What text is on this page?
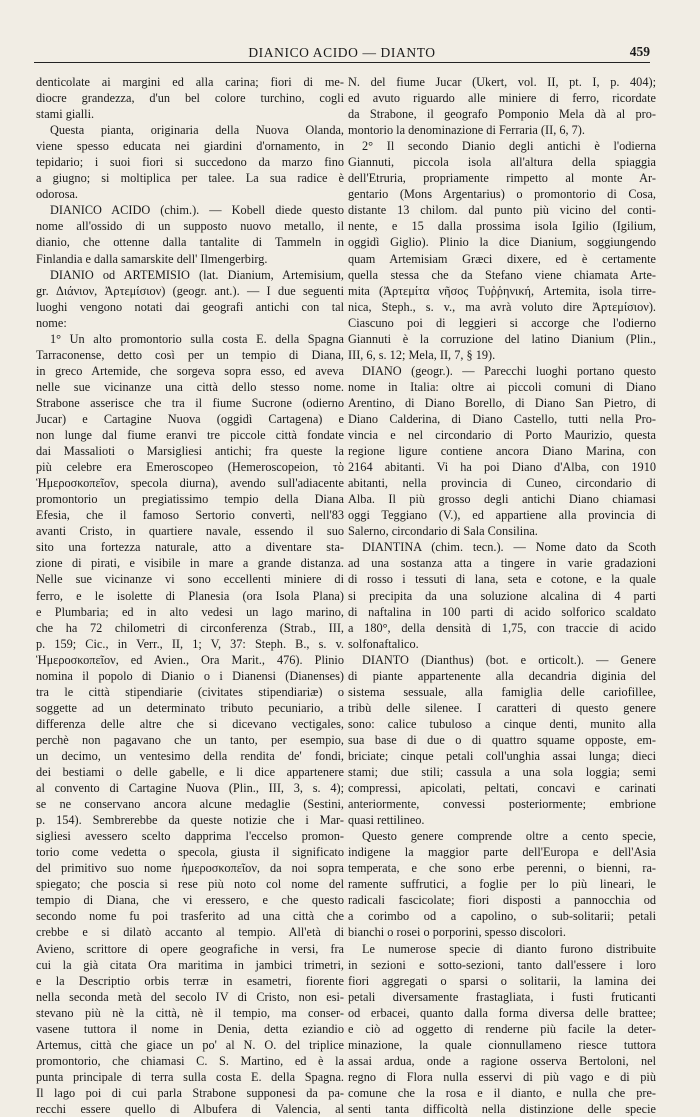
DIANICO ACIDO — DIANTO	459
denticolate ai margini ed alla carina; fiori di me-
diocre grandezza, d'un bel colore turchino, cogli
stami gialli.
Questa pianta, originaria della Nuova Olanda,
viene spesso educata nei giardini d'ornamento, in
tepidario; i suoi fiori si succedono da marzo fino
a giugno; si moltiplica per talee. La sua radice è
odorosa.
DIANICO ACIDO (chim.). — Kobell diede questo
nome all'ossido di un supposto nuovo metallo, il
dianio, che ottenne dalla tantalite di Tammeln in
Finlandia e dalla samarskite dell' Ilmengerbirg.
DIANIO od ARTEMISIO (lat. Dianium, Artemisium,
gr. Διάνιον, Ἀρτεμίσιον) (geogr. ant.). — I due seguenti
luoghi vengono notati dai geografi antichi con tal
nome:
1° Un alto promontorio sulla costa E. della Spagna
Tarraconense, detto così per un tempio di Diana,
in greco Artemide, che sorgeva sopra esso, ed aveva
nelle sue vicinanze una città dello stesso nome.
Strabone asserisce che tra il fiume Sucrone (odierno
Jucar) e Cartagine Nuova (oggidì Cartagena) e
non lunge dal fiume eranvi tre piccole città fondate
dai Massalioti o Marsigliesi antichi; fra queste la
più celebre era Emeroscopeo (Hemeroscopeion, τὸ
Ἡμεροσκοπεῖον, specola diurna), avendo sull'adiacente
promontorio un pregiatissimo tempio della Diana
Efesia, che il famoso Sertorio convertì, nell'83
avanti Cristo, in quartiere navale, essendo il suo
sito una fortezza naturale, atto a diventare sta-
zione di pirati, e visibile in mare a grande distanza.
Nelle sue vicinanze vi sono eccellenti miniere di
ferro, e le isolette di Planesia (ora Isola Plana)
e Plumbaria; ed in alto vedesi un lago marino,
che ha 72 chilometri di circonferenza (Strab., III,
p. 159; Cic., in Verr., II, 1; V, 37: Steph. B., s. v.
Ἡμεροσκοπεῖον, ed Avien., Ora Marit., 476). Plinio
nomina il popolo di Dianio o i Dianensi (Dianenses)
tra le città stipendiarie (civitates stipendiariæ) o
soggette ad un determinato tributo pecuniario, a
differenza delle altre che si dicevano vectigales,
perchè non pagavano che un tanto, per esempio,
un decimo, un ventesimo della rendita de' fondi,
dei bestiami o delle gabelle, e li dice appartenere
al convento di Cartagine Nuova (Plin., III, 3, s. 4);
se ne conservano ancora alcune medaglie (Sestini,
p. 154). Sembrerebbe da queste notizie che i Mar-
sigliesi avessero scelto dapprima l'eccelso promon-
torio come vedetta o specola, giusta il significato
del primitivo suo nome ἡμεροσκοπεῖον, da noi sopra
spiegato; che poscia si rese più noto col nome del
tempio di Diana, che vi eressero, e che questo
secondo nome fu poi trasferito ad una città che
crebbe e si dilatò accanto al tempio. All'età di
Avieno, scrittore di opere geografiche in versi, fra
cui la già citata Ora maritima in jambici trimetri,
e la Descriptio orbis terræ in esametri, fiorente
nella seconda metà del secolo IV di Cristo, non esi-
stevano più nè la città, nè il tempio, ma conser-
vasene tuttora il nome in Denia, detta eziandio
Artemus, città che giace un po' al N. O. del triplice
promontorio, che chiamasi C. S. Martino, ed è la
punta principale di terra sulla costa E. della Spagna.
Il lago poi di cui parla Strabone supponesi da pa-
recchi essere quello di Albufera di Valencia, al
N. del fiume Jucar (Ukert, vol. II, pt. I, p. 404);
ed avuto riguardo alle miniere di ferro, ricordate
da Strabone, il geografo Pomponio Mela dà al pro-
montorio la denominazione di Ferraria (II, 6, 7).
2° Il secondo Dianio degli antichi è l'odierna
Giannuti, piccola isola all'altura della spiaggia
dell'Etruria, propriamente rimpetto al monte Ar-
gentario (Mons Argentarius) o promontorio di Cosa,
distante 13 chilom. dal punto più vicino del conti-
nente, e 15 dalla prossima isola Igilio (Igilium,
oggidì Giglio). Plinio la dice Dianium, soggiungendo
quam Artemisiam Græci dixere, ed è certamente
quella stessa che da Stefano viene chiamata Arte-
mita (Ἀρτεμίτα νῆσος Τυῤῥηνική, Artemita, isola tirre-
nica, Steph., s. v., ma avrà voluto dire Ἀρτεμίσιον).
Ciascuno poi di leggieri si accorge che l'odierno
Giannuti è la corruzione del latino Dianium (Plin.,
III, 6, s. 12; Mela, II, 7, § 19).
DIANO (geogr.). — Parecchi luoghi portano questo
nome in Italia: oltre ai piccoli comuni di Diano
Arentino, di Diano Borello, di Diano San Pietro, di
Diano Calderina, di Diano Castello, tutti nella Pro-
vincia e nel circondario di Porto Maurizio, questa
regione ligure contiene ancora Diano Marina, con
2164 abitanti. Vi ha poi Diano d'Alba, con 1910
abitanti, nella provincia di Cuneo, circondario di
Alba. Il più grosso degli antichi Diano chiamasi
oggi Teggiano (V.), ed appartiene alla provincia di
Salerno, circondario di Sala Consilina.
DIANTINA (chim. tecn.). — Nome dato da Scoth
ad una sostanza atta a tingere in varie gradazioni
di rosso i tessuti di lana, seta e cotone, e la quale
si precipita da una soluzione alcalina di 4 parti
di naftalina in 100 parti di acido solforico scaldato
a 180°, della densità di 1,75, con traccie di acido
solfonaftalico.
DIANTO (Dianthus) (bot. e orticolt.). — Genere
di piante appartenente alla decandria diginia del
sistema sessuale, alla famiglia delle cariofillee,
tribù delle silenee. I caratteri di questo genere
sono: calice tubuloso a cinque denti, munito alla
sua base di due o di quattro squame opposte, em-
briciate; cinque petali coll'unghia assai lunga; dieci
stami; due stili; cassula a una sola loggia; semi
compressi, apicolati, peltati, concavi e carinati
anteriormente, convessi posteriormente; embrione
quasi rettilineo.
Questo genere comprende oltre a cento specie,
indigene la maggior parte dell'Europa e dell'Asia
temperata, e che sono erbe perenni, o bienni, ra-
ramente suffrutici, a foglie per lo più lineari, le
radicali fascicolate; fiori disposti a pannocchia od
a corimbo od a capolino, o sub-solitarii; petali
bianchi o rosei o porporini, spesso discolori.
Le numerose specie di dianto furono distribuite
in sezioni e sotto-sezioni, tanto dall'essere i loro
fiori aggregati o sparsi o solitarii, la lamina dei
petali diversamente frastagliata, i fusti fruticanti
od erbacei, quanto dalla forma diversa delle brattee;
e ciò ad oggetto di renderne più facile la deter-
minazione, la quale cionnullameno riesce tuttora
assai ardua, onde a ragione osserva Bertoloni, nel
regno di Flora nulla esservi di più vago e di più
comune che la rosa e il dianto, e nulla che pre-
senti tanta difficoltà nella distinzione delle specie
